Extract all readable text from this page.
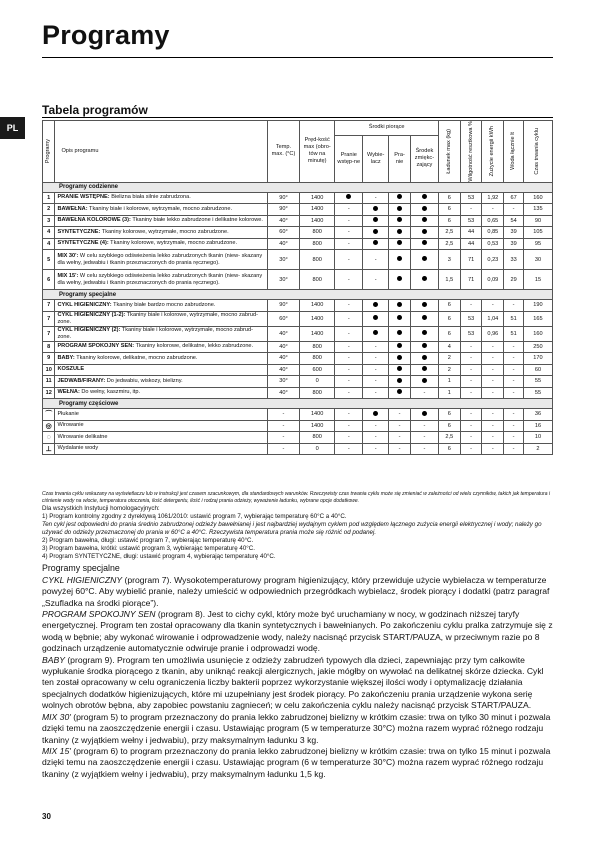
Programy
PL
Tabela programów
Programy	Opis programu	Temp. max. (°C)	Pręd-kość max (obro-tów na minutę)	Środki piorące				Ładunek max (kg)	Wilgotność resztkowa %	Zużycie energii kWh	Woda łącznie lt	Czas trwania cyklu

				Pranie wstęp-ne	Wybie-lacz	Pra-nie	Środek zmiękc-zający					
Programy codzienne												
1	PRANIE WSTĘPNE: Bielizna biała silnie zabrudzona.	90°	1400		-			6	53	1,92	67	160
2	BAWEŁNA: Tkaniny białe i kolorowe, wytrzymałe, mocno zabrudzone.	90°	1400	-				6	-	-	-	135
3	BAWEŁNA KOLOROWE (3): Tkaniny białe lekko zabrudzone i delikatne kolorowe.	40°	1400	-				6	53	0,65	54	90
4	SYNTETYCZNE: Tkaniny kolorowe, wytrzymałe, mocno zabrudzone.	60°	800	-				2,5	44	0,85	39	105
4	SYNTETYCZNE (4): Tkaniny kolorowe, wytrzymałe, mocno zabrudzone.	40°	800	-				2,5	44	0,53	39	95
5	MIX 30': W celu szybkiego odświeżenia lekko zabrudzonych tkanin (niew- skazany dla wełny, jedwabiu i tkanin przeznaczonych do prania ręcznego).	30°	800	-	-			3	71	0,23	33	30
6	MIX 15': W celu szybkiego odświeżenia lekko zabrudzonych tkanin (niew- skazany dla wełny, jedwabiu i tkanin przeznaczonych do prania ręcznego).	30°	800	-	-			1,5	71	0,09	29	15
Programy specjalne												
7	CYKL HIGIENICZNY: Tkaniny białe bardzo mocno zabrudzone.	90°	1400	-				6	-	-	-	190
7	CYKL HIGIENICZNY (1-2): Tkaniny białe i kolorowe, wytrzymałe, mocno zabrud- zone.	60°	1400	-				6	53	1,04	51	165
7	CYKL HIGIENICZNY (2): Tkaniny białe i kolorowe, wytrzymałe, mocno zabrud- zone.	40°	1400	-				6	53	0,96	51	160
8	PROGRAM SPOKOJNY SEN: Tkaniny kolorowe, delikatne, lekko zabrudzone.	40°	800	-	-			4	-	-	-	250
9	BABY: Tkaniny kolorowe, delikatne, mocno zabrudzone.	40°	800	-	-			2	-	-	-	170
10	KOSZULE	40°	600	-	-			2	-	-	-	60
11	JEDWAB/FIRANY: Do jedwabiu, wiskozy, bielizny.	30°	0	-	-			1	-	-	-	55
12	WEŁNA: Do wełny, kaszmiru, itp.	40°	800	-	-		-	1	-	-	-	55
Programy częściowe												
⌒	Płukanie	-	1400	-		-		6	-	-	-	36
◎	Wirowanie	-	1400	-	-	-	-	6	-	-	-	16
◌	Wirowanie delikatne	-	800	-	-	-	-	2,5	-	-	-	10
⊥	Wydalanie wody	-	0	-	-	-	-	6	-	-	-	2
Czas trwania cyklu wskazany na wyświetlaczu lub w instrukcji jest czasem szacunkowym, dla standardowych warunków. Rzeczywisty czas trwania cyklu może się zmieniać w zależności od wielu czynników, takich jak temperatura i ciśnienie wody na wlocie, temperatura otoczenia, ilość detergentu, ilość i rodzaj prania odzieży, wyważenie ładunku, wybrane opcje dodatkowe.
Dla wszystkich Instytucji homologacyjnych:
1) Program kontrolny zgodny z dyrektywą 1061/2010: ustawić program 7, wybierając temperaturę 60°C a 40°C.
Ten cykl jest odpowiedni do prania średnio zabrudzonej odzieży bawełnianej i jest najbardziej wydajnym cyklem pod względem łącznego zużycia energii elektrycznej i wody; należy go używać do odzieży przeznaczonej do prania w 60°C a 40°C. Rzeczywista temperatura prania może się różnić od podanej.
2) Program bawełna, długi: ustawić program 7, wybierając temperaturę 40°C.
3) Program bawełna, krótki: ustawić program 3, wybierając temperaturę 40°C.
4) Program SYNTETYCZNE, długi: ustawić program 4, wybierając temperaturę 40°C.
Programy specjalne

CYKL HIGIENICZNY (program 7). Wysokotemperaturowy program higienizujący, który przewiduje użycie wybielacza w temperaturze powyżej 60°C. Aby wybielić pranie, należy umieścić w odpowiednich przegródkach wybielacz, środek piorący i dodatki (patrz paragraf „Szufladka na środki piorące”).

PROGRAM SPOKOJNY SEN (program 8). Jest to cichy cykl, który może być uruchamiany w nocy, w godzinach niższej taryfy energetycznej. Program ten został opracowany dla tkanin syntetycznych i bawełnianych. Po zakończeniu cyklu pralka zatrzymuje się z wodą w bębnie; aby wykonać wirowanie i odprowadzenie wody, należy nacisnąć przycisk START/PAUZA, w przeciwnym razie po 8 godzinach urządzenie automatycznie odwiruje pranie i odprowadzi wodę.

BABY (program 9). Program ten umożliwia usunięcie z odzieży zabrudzeń typowych dla dzieci, zapewniając przy tym całkowite wypłukanie środka piorącego z tkanin, aby uniknąć reakcji alergicznych, jakie mógłby on wywołać na delikatnej skórze dziecka. Cykl ten został opracowany w celu ograniczenia liczby bakterii poprzez wykorzystanie większej ilości wody i optymalizację działania specjalnych dodatków higienizujących, które mi uzupełniany jest środek piorący. Po zakończeniu prania urządzenie wykona serię wolnych obrotów bębna, aby zapobiec powstaniu zagnieceń; w celu zakończenia cyklu należy nacisnąć przycisk START/PAUZA.

MIX 30' (program 5) to program przeznaczony do prania lekko zabrudzonej bielizny w krótkim czasie: trwa on tylko 30 minut i pozwala dzięki temu na zaoszczędzenie energii i czasu. Ustawiając program (5 w temperaturze 30°C) można razem wyprać różnego rodzaju tkaniny (z wyjątkiem wełny i jedwabiu), przy maksymalnym ładunku 3 kg.

MIX 15' (program 6) to program przeznaczony do prania lekko zabrudzonej bielizny w krótkim czasie: trwa on tylko 15 minut i pozwala dzięki temu na zaoszczędzenie energii i czasu. Ustawiając program (6 w temperaturze 30°C) można razem wyprać różnego rodzaju tkaniny (z wyjątkiem wełny i jedwabiu), przy maksymalnym ładunku 1,5 kg.

30
